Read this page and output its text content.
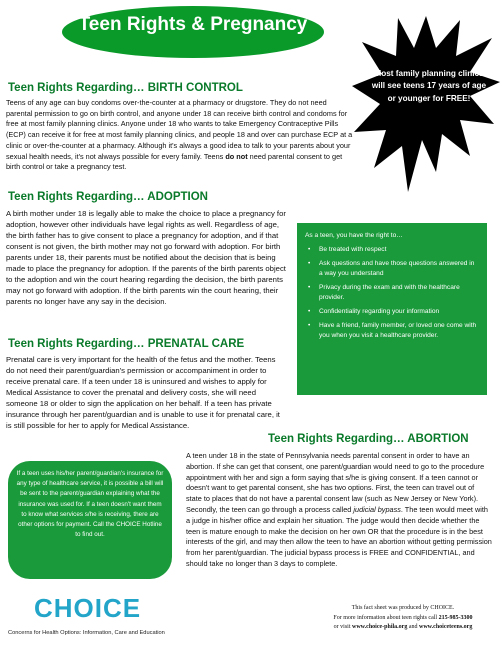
Teen Rights & Pregnancy
Most family planning clinics will see teens 17 years of age or younger for FREE!
Teen Rights Regarding… BIRTH CONTROL
Teens of any age can buy condoms over-the-counter at a pharmacy or drugstore. They do not need parental permission to go on birth control, and anyone under 18 can receive birth control and condoms for free at most family planning clinics. Anyone under 18 who wants to take Emergency Contraceptive Pills (ECP) can receive it for free at most family planning clinics, and people 18 and over can purchase ECP at a clinic or over-the-counter at a pharmacy. Although it's always a good idea to talk to your parents about your sexual health needs, it's not always possible for every family. Teens do not need parental consent to get birth control or take a pregnancy test.
Teen Rights Regarding… ADOPTION
A birth mother under 18 is legally able to make the choice to place a pregnancy for adoption, however other individuals have legal rights as well. Regardless of age, the birth father has to give consent to place a pregnancy for adoption, and if that consent is not given, the birth mother may not go forward with adoption. For birth parents under 18, their parents must be notified about the decision that is being made to place the pregnancy for adoption. If the parents of the birth parents object to the adoption and win the court hearing regarding the decision, the birth parents may not go forward with adoption. If the birth parents win the court hearing, their parents no longer have any say in the decision.
As a teen, you have the right to…
• Be treated with respect
• Ask questions and have those questions answered in a way you understand
• Privacy during the exam and with the healthcare provider.
• Confidentiality regarding your information
• Have a friend, family member, or loved one come with you when you visit a healthcare provider.
Teen Rights Regarding… PRENATAL CARE
Prenatal care is very important for the health of the fetus and the mother. Teens do not need their parent/guardian's permission or accompaniment in order to receive prenatal care. If a teen under 18 is uninsured and wishes to apply for Medical Assistance to cover the prenatal and delivery costs, she will need someone 18 or older to sign the application on her behalf. If a teen has private insurance through her parent/guardian and is unable to use it for prenatal care, it is still possible for her to apply for Medical Assistance.
Teen Rights Regarding… ABORTION
A teen under 18 in the state of Pennsylvania needs parental consent in order to have an abortion. If she can get that consent, one parent/guardian would need to go to the procedure appointment with her and sign a form saying that s/he is giving consent. If a teen cannot or doesn't want to get parental consent, she has two options. First, the teen can travel out of state to places that do not have a parental consent law (such as New Jersey or New York). Secondly, the teen can go through a process called judicial bypass. The teen would meet with a judge in his/her office and explain her situation. The judge would then decide whether the teen is mature enough to make the decision on her own OR that the procedure is in the best interests of the girl, and may then allow the teen to have an abortion without getting permission from her parent/guardian. The judicial bypass process is FREE and CONFIDENTIAL, and should take no longer than 3 days to complete.
If a teen uses his/her parent/guardian's insurance for any type of healthcare service, it is possible a bill will be sent to the parent/guardian explaining what the insurance was used for. If a teen doesn't want them to know what services s/he is receiving, there are other options for payment. Call the CHOICE Hotline to find out.
CHOICE
Concerns for Health Options: Information, Care and Education
This fact sheet was produced by CHOICE.
For more information about teen rights call 215-985-3300
or visit www.choice-phila.org and www.choiceteens.org
